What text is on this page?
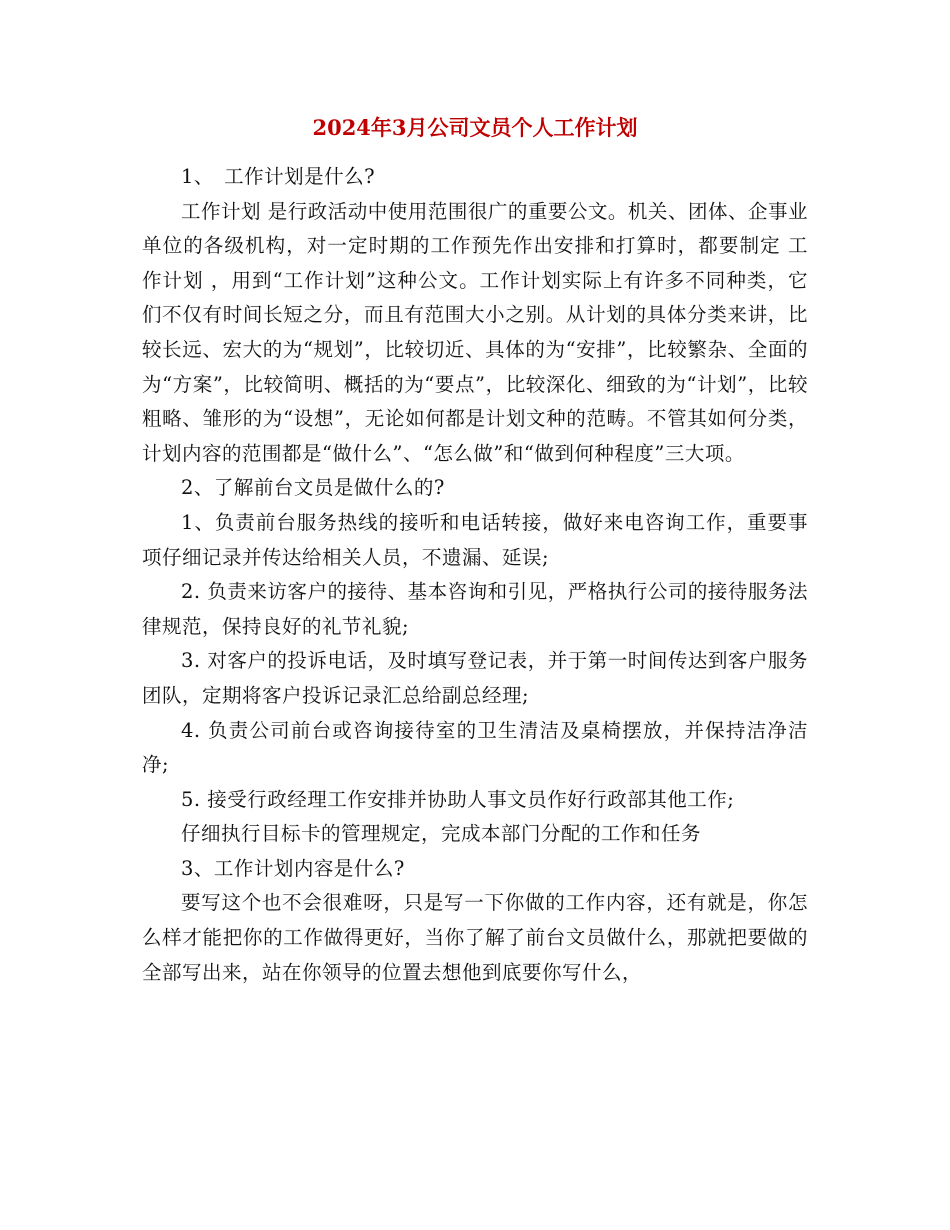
2024年3月公司文员个人工作计划

1、　工作计划是什么?

工作计划 是行政活动中使用范围很广的重要公文。机关、团体、企事业单位的各级机构，对一定时期的工作预先作出安排和打算时，都要制定 工作计划 ，用到“工作计划”这种公文。工作计划实际上有许多不同种类，它们不仅有时间长短之分，而且有范围大小之别。从计划的具体分类来讲，比较长远、宏大的为“规划”，比较切近、具体的为“安排”，比较繁杂、全面的为“方案”，比较简明、概括的为“要点”，比较深化、细致的为“计划”，比较粗略、雏形的为“设想”，无论如何都是计划文种的范畴。不管其如何分类，计划内容的范围都是“做什么”、“怎么做”和“做到何种程度”三大项。

2、了解前台文员是做什么的?

1、负责前台服务热线的接听和电话转接，做好来电咨询工作，重要事项仔细记录并传达给相关人员，不遗漏、延误;

2. 负责来访客户的接待、基本咨询和引见，严格执行公司的接待服务法律规范，保持良好的礼节礼貌;

3. 对客户的投诉电话，及时填写登记表，并于第一时间传达到客户服务团队，定期将客户投诉记录汇总给副总经理;

4. 负责公司前台或咨询接待室的卫生清洁及桌椅摆放，并保持洁净洁净;

5. 接受行政经理工作安排并协助人事文员作好行政部其他工作;

仔细执行目标卡的管理规定，完成本部门分配的工作和任务

3、工作计划内容是什么?

要写这个也不会很难呀，只是写一下你做的工作内容，还有就是，你怎么样才能把你的工作做得更好，当你了解了前台文员做什么，那就把要做的全部写出来，站在你领导的位置去想他到底要你写什么，
